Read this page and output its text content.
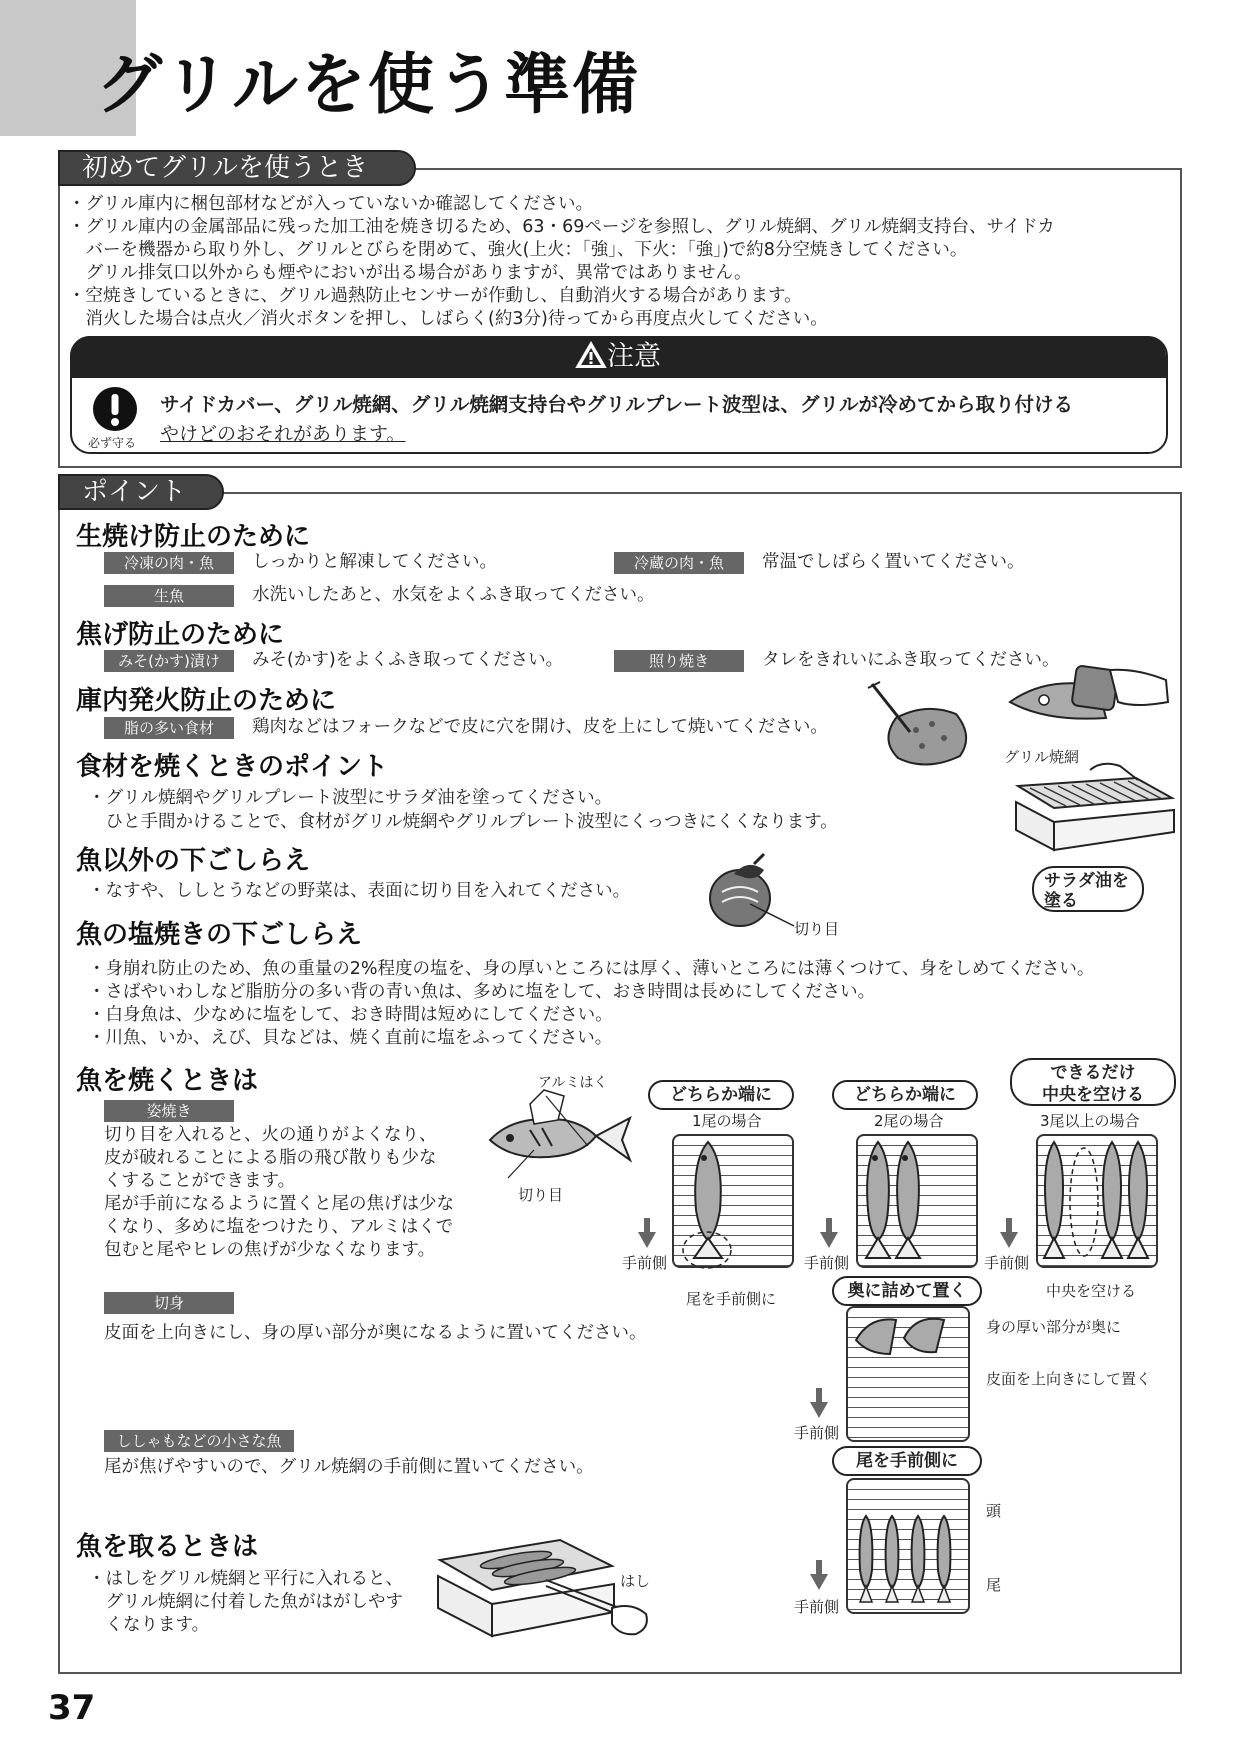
グリルを使う準備
初めてグリルを使うとき
・グリル庫内に梱包部材などが入っていないか確認してください。
・グリル庫内の金属部品に残った加工油を焼き切るため、63・69ページを参照し、グリル焼網、グリル焼網支持台、サイドカ
　バーを機器から取り外し、グリルとびらを閉めて、強火(上火：「強」、下火：「強」)で約8分空焼きしてください。
　グリル排気口以外からも煙やにおいが出る場合がありますが、異常ではありません。
・空焼きしているときに、グリル過熱防止センサーが作動し、自動消火する場合があります。
　消火した場合は点火／消火ボタンを押し、しばらく(約3分)待ってから再度点火してください。
注意
必ず守る
サイドカバー、グリル焼網、グリル焼網支持台やグリルプレート波型は、グリルが冷めてから取り付ける
やけどのおそれがあります。
ポイント
生焼け防止のために
冷凍の肉・魚	しっかりと解凍してください。	冷蔵の肉・魚	常温でしばらく置いてください。
生魚	水洗いしたあと、水気をよくふき取ってください。
焦げ防止のために
みそ(かす)漬け	みそ(かす)をよくふき取ってください。	照り焼き	タレをきれいにふき取ってください。
庫内発火防止のために
脂の多い食材	鶏肉などはフォークなどで皮に穴を開け、皮を上にして焼いてください。
食材を焼くときのポイント
・グリル焼網やグリルプレート波型にサラダ油を塗ってください。
　ひと手間かけることで、食材がグリル焼網やグリルプレート波型にくっつきにくくなります。
グリル焼網
サラダ油を
塗る
魚以外の下ごしらえ
・なすや、ししとうなどの野菜は、表面に切り目を入れてください。
切り目
魚の塩焼きの下ごしらえ
・身崩れ防止のため、魚の重量の2%程度の塩を、身の厚いところには厚く、薄いところには薄くつけて、身をしめてください。
・さばやいわしなど脂肪分の多い背の青い魚は、多めに塩をして、おき時間は長めにしてください。
・白身魚は、少なめに塩をして、おき時間は短めにしてください。
・川魚、いか、えび、貝などは、焼く直前に塩をふってください。
魚を焼くときは
姿焼き
切り目を入れると、火の通りがよくなり、
皮が破れることによる脂の飛び散りも少な
くすることができます。
尾が手前になるように置くと尾の焦げは少な
くなり、多めに塩をつけたり、アルミはくで
包むと尾やヒレの焦げが少なくなります。
アルミはく
切り目
どちらか端に
1尾の場合
手前側
尾を手前側に
どちらか端に
2尾の場合
手前側
できるだけ
中央を空ける
3尾以上の場合
手前側
中央を空ける
切身
皮面を上向きにし、身の厚い部分が奥になるように置いてください。
奥に詰めて置く
身の厚い部分が奥に
皮面を上向きにして置く
手前側
ししゃもなどの小さな魚
尾が焦げやすいので、グリル焼網の手前側に置いてください。	尾を手前側に
頭
尾
手前側
魚を取るときは
・はしをグリル焼網と平行に入れると、
　グリル焼網に付着した魚がはがしやす
　くなります。
はし
37
